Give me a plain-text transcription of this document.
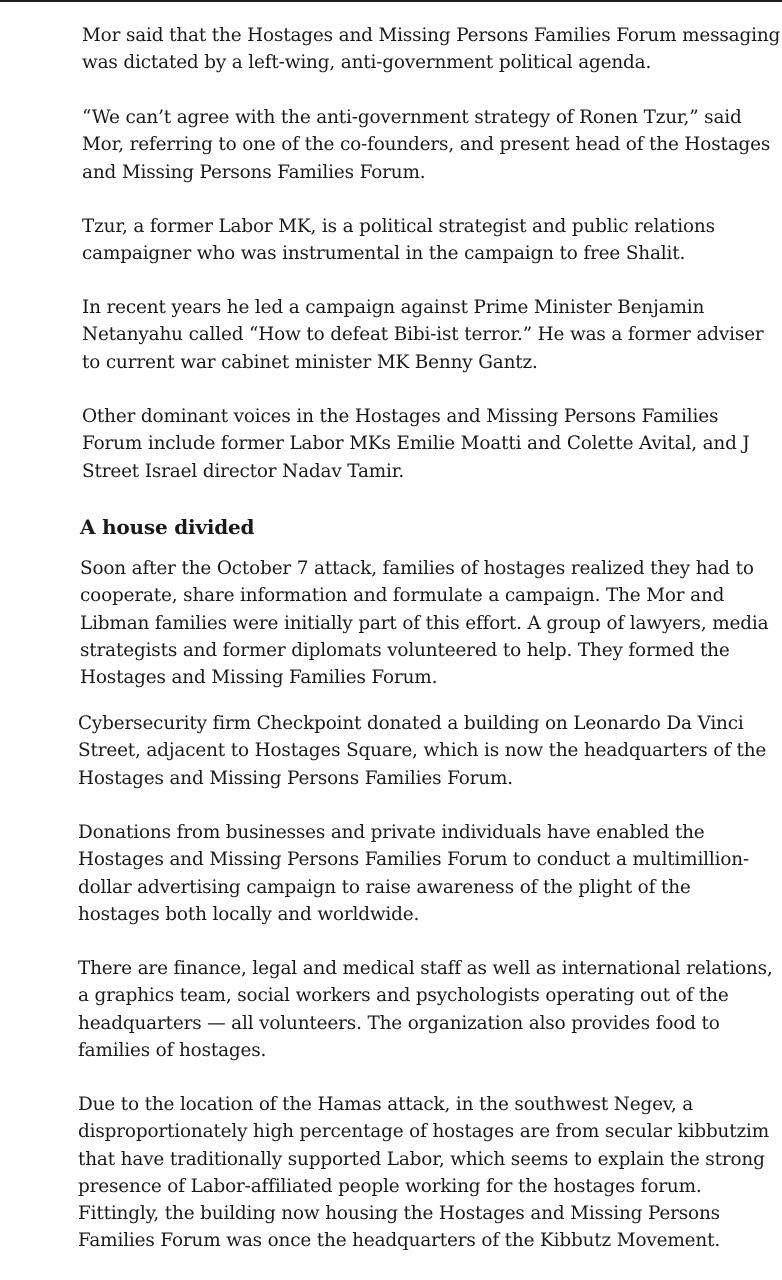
Mor said that the Hostages and Missing Persons Families Forum messaging
was dictated by a left-wing, anti-government political agenda.

“We can’t agree with the anti-government strategy of Ronen Tzur,” said
Mor, referring to one of the co-founders, and present head of the Hostages
and Missing Persons Families Forum.

Tzur, a former Labor MK, is a political strategist and public relations
campaigner who was instrumental in the campaign to free Shalit.

In recent years he led a campaign against Prime Minister Benjamin
Netanyahu called “How to defeat Bibi-ist terror.” He was a former adviser
to current war cabinet minister MK Benny Gantz.

Other dominant voices in the Hostages and Missing Persons Families
Forum include former Labor MKs Emilie Moatti and Colette Avital, and J
Street Israel director Nadav Tamir.

A house divided

Soon after the October 7 attack, families of hostages realized they had to
cooperate, share information and formulate a campaign. The Mor and
Libman families were initially part of this effort. A group of lawyers, media
strategists and former diplomats volunteered to help. They formed the
Hostages and Missing Families Forum.

Cybersecurity firm Checkpoint donated a building on Leonardo Da Vinci
Street, adjacent to Hostages Square, which is now the headquarters of the
Hostages and Missing Persons Families Forum.

Donations from businesses and private individuals have enabled the
Hostages and Missing Persons Families Forum to conduct a multimillion-
dollar advertising campaign to raise awareness of the plight of the
hostages both locally and worldwide.

There are finance, legal and medical staff as well as international relations,
a graphics team, social workers and psychologists operating out of the
headquarters — all volunteers. The organization also provides food to
families of hostages.

Due to the location of the Hamas attack, in the southwest Negev, a
disproportionately high percentage of hostages are from secular kibbutzim
that have traditionally supported Labor, which seems to explain the strong
presence of Labor-affiliated people working for the hostages forum.
Fittingly, the building now housing the Hostages and Missing Persons
Families Forum was once the headquarters of the Kibbutz Movement.
